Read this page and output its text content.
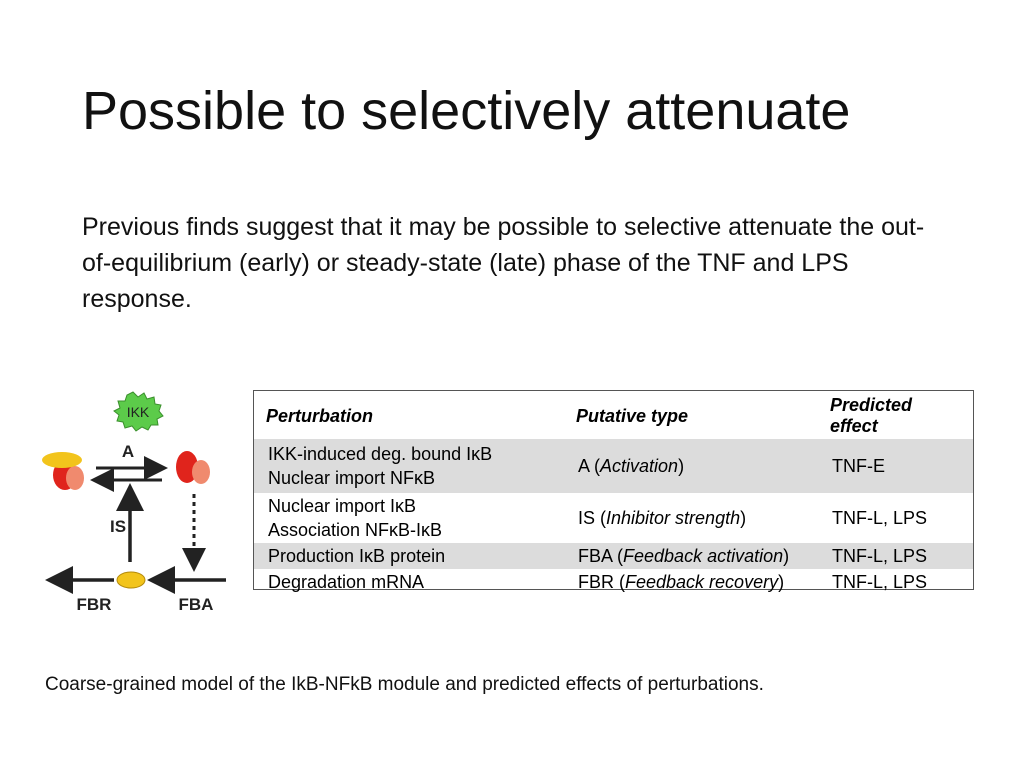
Possible to selectively attenuate
Previous finds suggest that it may be possible to selective attenuate the out-of-equilibrium (early) or steady-state (late) phase of the TNF and LPS response.
IKK
A
IS
FBA
FBR
Perturbation	Putative type	Predicted effect

IKK-induced deg. bound IκB
Nuclear import NFκB	A (Activation)	TNF-E

Nuclear import IκB
Association NFκB-IκB	IS (Inhibitor strength)	TNF-L, LPS

Production IκB protein	FBA (Feedback activation)	TNF-L, LPS

Degradation mRNA	FBR (Feedback recovery)	TNF-L, LPS
Coarse-grained model of the IkB-NFkB module and predicted effects of perturbations.
